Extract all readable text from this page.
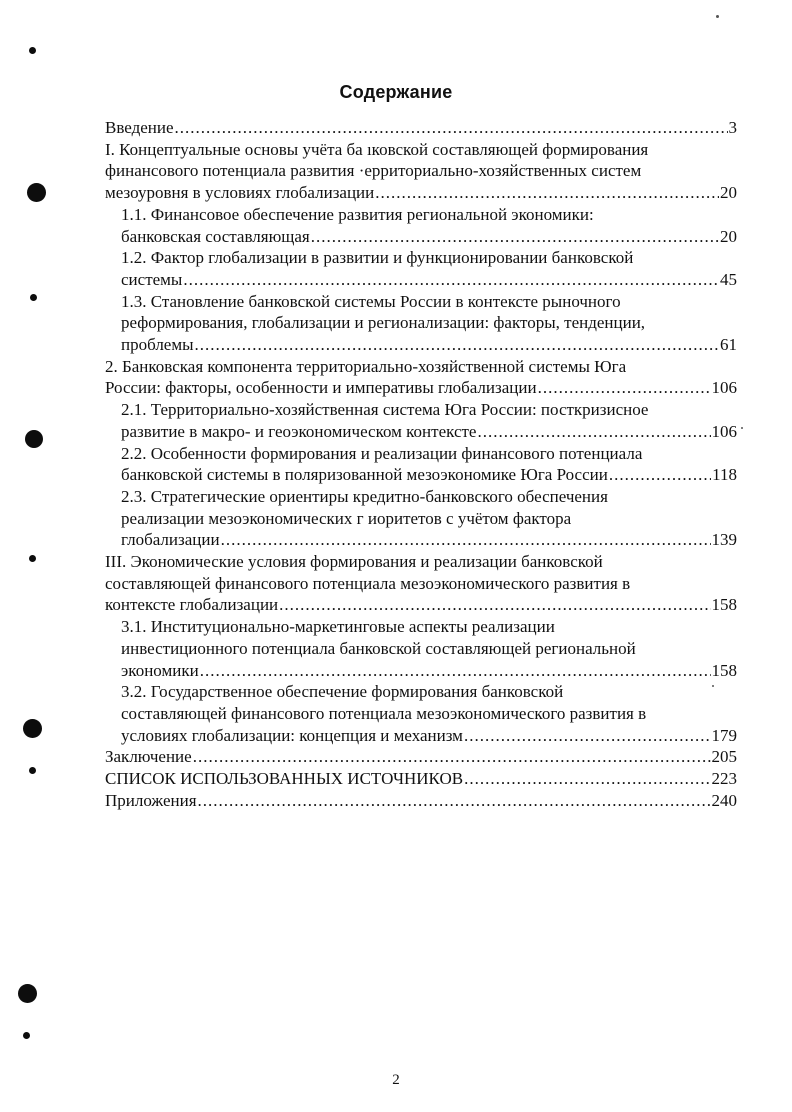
Содержание
Введение .....	3
I. Концептуальные основы учёта ба ıковской составляющей формирования
финансового потенциала развития ·ерриториально-хозяйственных систем
мезоуровня в условиях глобализации .....	20
1.1. Финансовое обеспечение развития региональной экономики:
банковская составляющая .....	20
1.2. Фактор глобализации в развитии и функционировании банковской
системы .....	45
1.3. Становление банковской системы России в контексте рыночного
реформирования, глобализации и регионализации: факторы, тенденции,
проблемы .....	61
2. Банковская компонента территориально-хозяйственной системы Юга
России: факторы, особенности и императивы глобализации .....	106
2.1. Территориально-хозяйственная система Юга России: посткризисное
развитие в макро- и геоэкономическом контексте .....	106
2.2. Особенности формирования и реализации финансового потенциала
банковской системы в поляризованной мезоэкономике Юга России .....	118
2.3. Стратегические ориентиры кредитно-банковского обеспечения
реализации мезоэкономических г иоритетов с учётом фактора
глобализации .....	139
III. Экономические условия формирования и реализации банковской
составляющей финансового потенциала мезоэкономического развития в
контексте глобализации .....	158
3.1. Институционально-маркетинговые аспекты реализации
инвестиционного потенциала банковской составляющей региональной
экономики .....	158
3.2. Государственное обеспечение формирования банковской
составляющей финансового потенциала мезоэкономического развития в
условиях глобализации: концепция и механизм .....	179
Заключение .....	205
СПИСОК ИСПОЛЬЗОВАННЫХ ИСТОЧНИКОВ .....	223
Приложения .....	240
2
